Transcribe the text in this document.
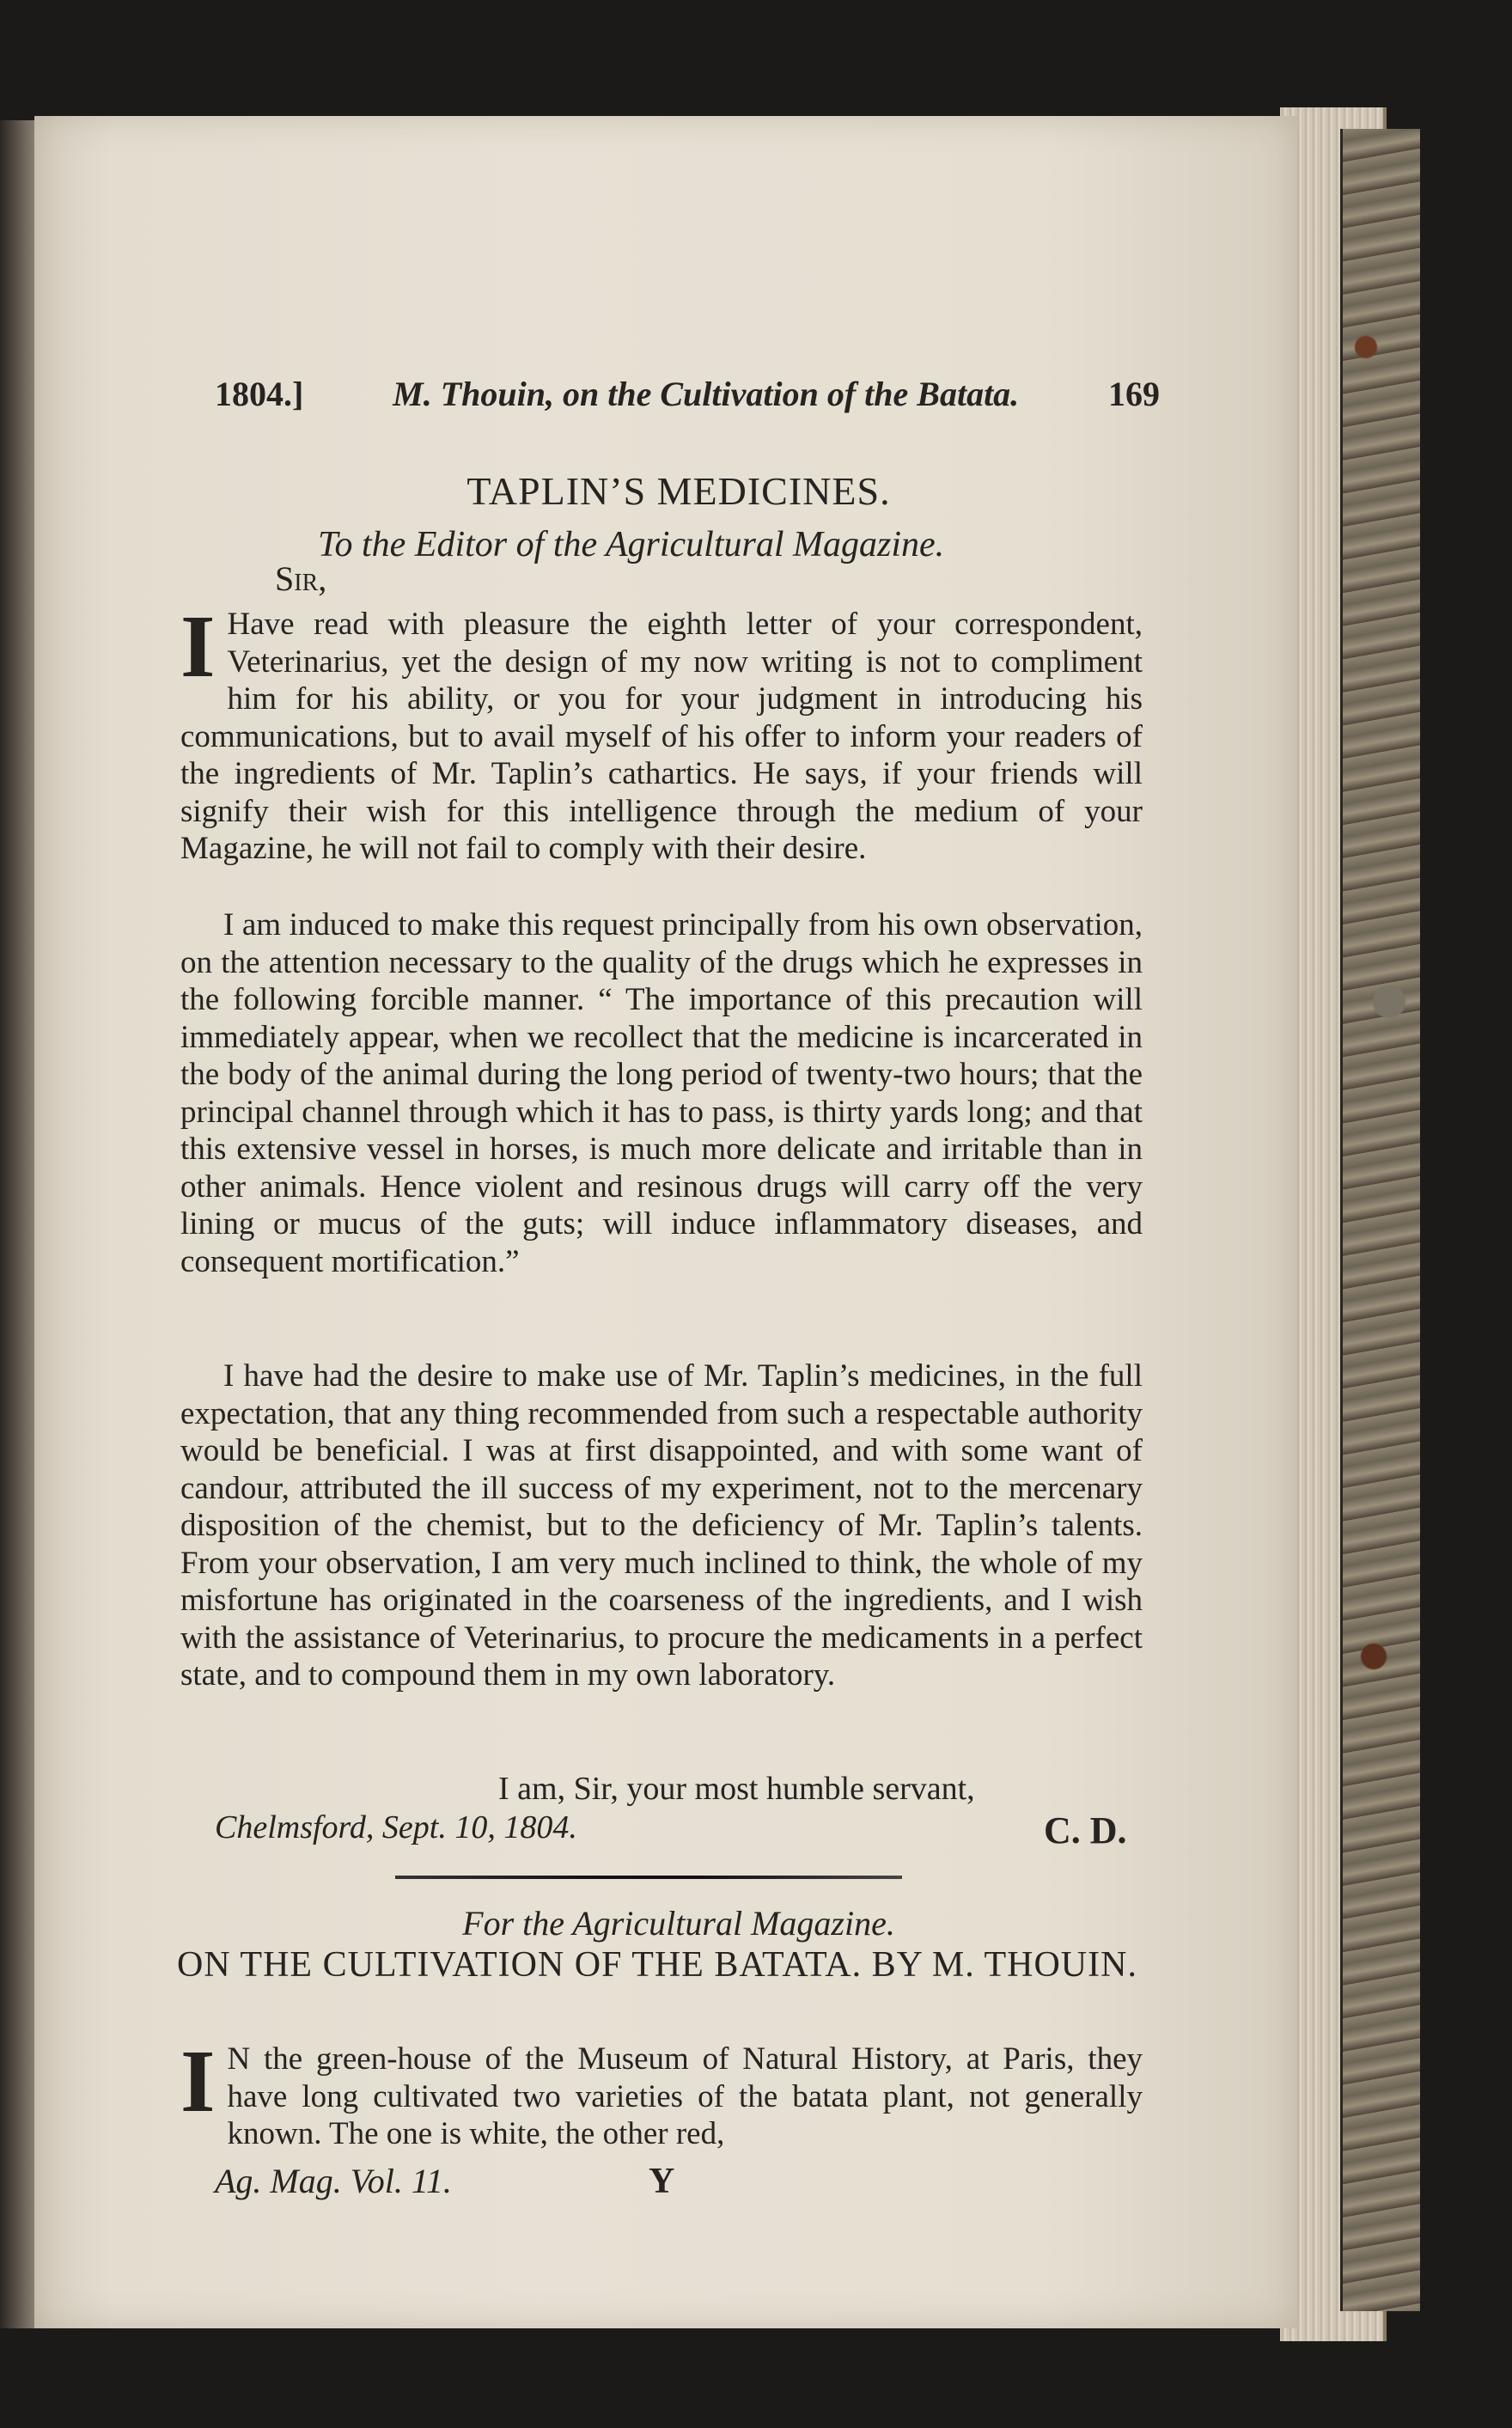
1804.]	M. Thouin, on the Cultivation of the Batata.	169
TAPLIN’S MEDICINES.
To the Editor of the Agricultural Magazine.
Sir,
I Have read with pleasure the eighth letter of your correspondent, Veterinarius, yet the design of my now writing is not to compliment him for his ability, or you for your judgment in introducing his communications, but to avail myself of his offer to inform your readers of the ingredients of Mr. Taplin’s cathartics. He says, if your friends will signify their wish for this intelligence through the medium of your Magazine, he will not fail to comply with their desire.

I am induced to make this request principally from his own observation, on the attention necessary to the quality of the drugs which he expresses in the following forcible manner. “ The importance of this precaution will immediately appear, when we recollect that the medicine is incarcerated in the body of the animal during the long period of twenty-two hours; that the principal channel through which it has to pass, is thirty yards long; and that this extensive vessel in horses, is much more delicate and irritable than in other animals. Hence violent and resinous drugs will carry off the very lining or mucus of the guts; will induce inflammatory diseases, and consequent mortification.”

I have had the desire to make use of Mr. Taplin’s medicines, in the full expectation, that any thing recommended from such a respectable authority would be beneficial. I was at first disappointed, and with some want of candour, attributed the ill success of my experiment, not to the mercenary disposition of the chemist, but to the deficiency of Mr. Taplin’s talents. From your observation, I am very much inclined to think, the whole of my misfortune has originated in the coarseness of the ingredients, and I wish with the assistance of Veterinarius, to procure the medicaments in a perfect state, and to compound them in my own laboratory.

I am, Sir, your most humble servant,
Chelmsford, Sept. 10, 1804.	C. D.
For the Agricultural Magazine.
ON THE CULTIVATION OF THE BATATA. BY M. THOUIN.
I N the green-house of the Museum of Natural History, at Paris, they have long cultivated two varieties of the batata plant, not generally known. The one is white, the other red,
Ag. Mag. Vol. 11.	Y
